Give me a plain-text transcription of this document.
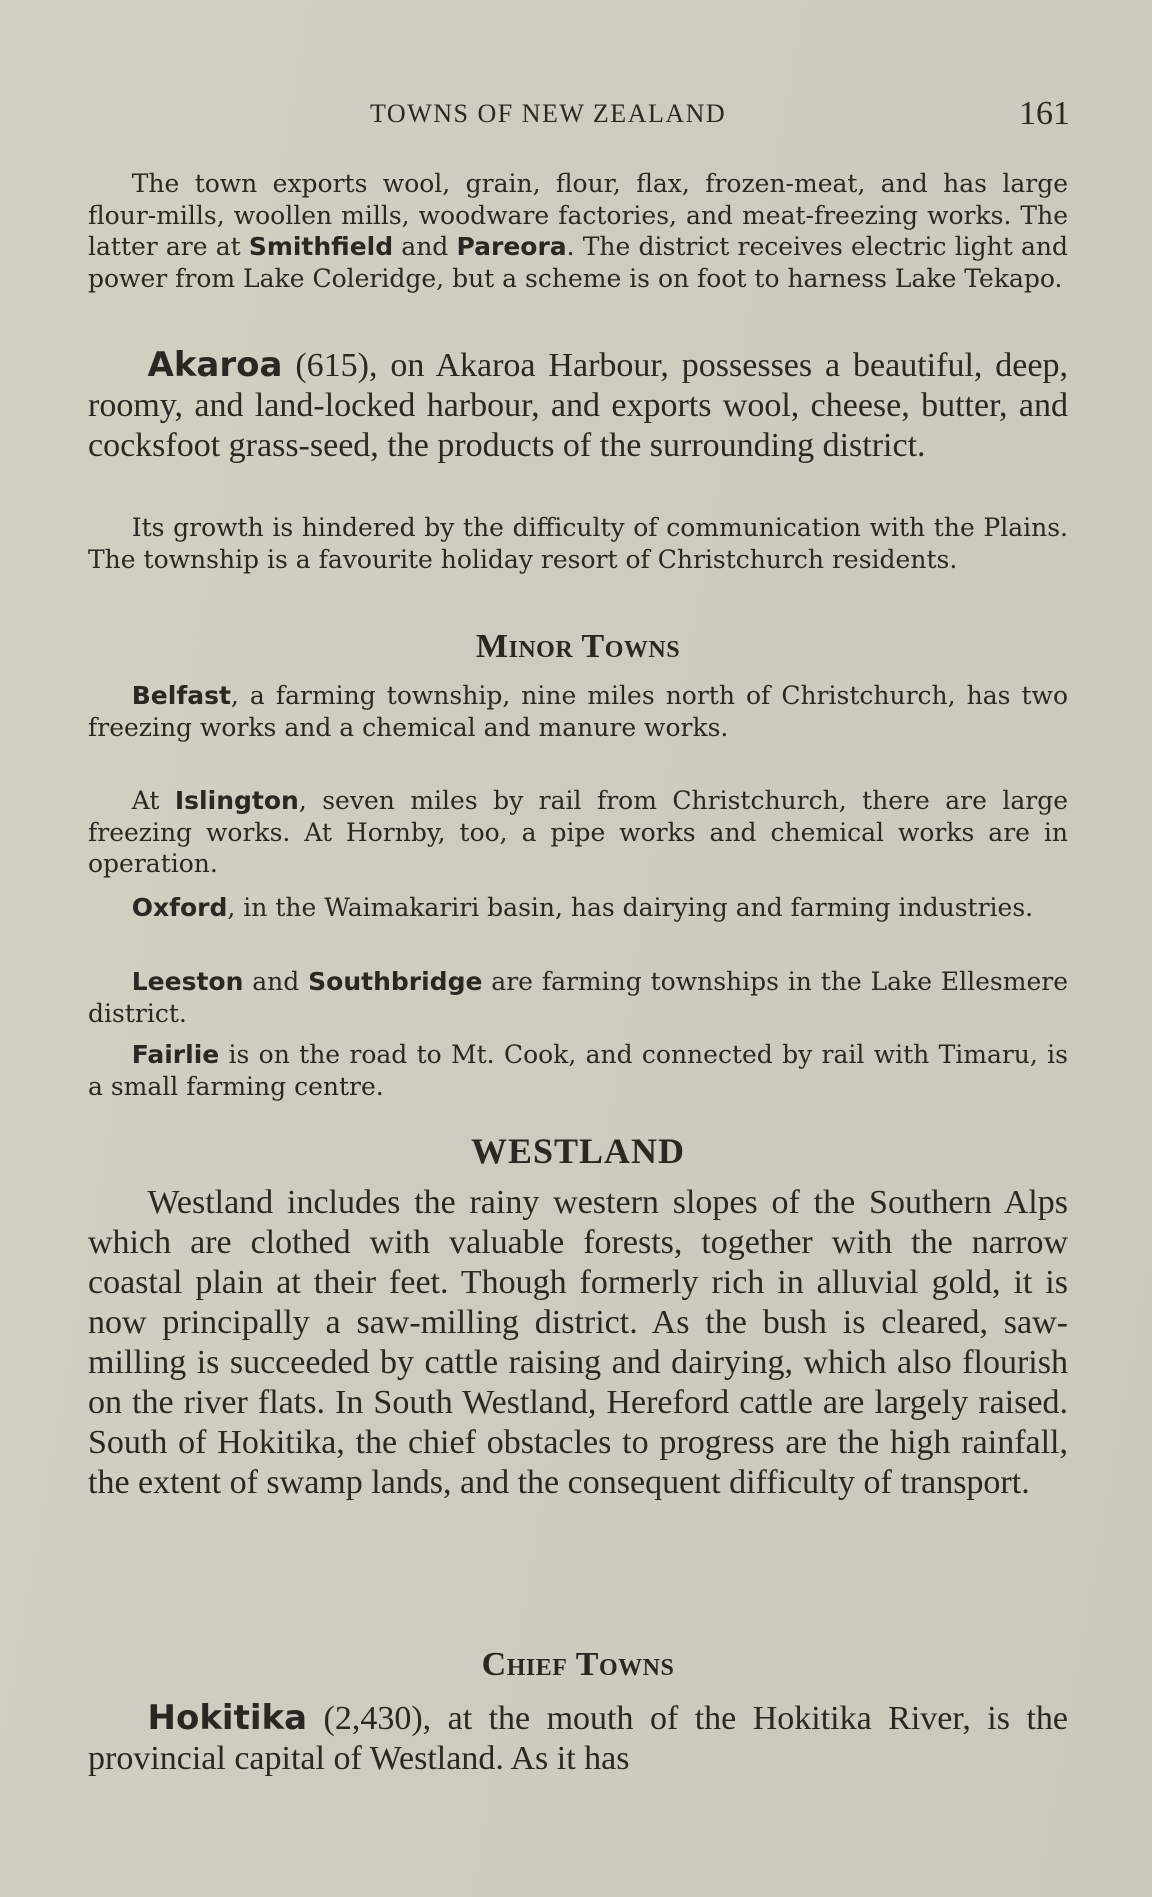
TOWNS OF NEW ZEALAND	161

The town exports wool, grain, flour, flax, frozen-meat, and has large flour-mills, woollen mills, woodware factories, and meat-freezing works. The latter are at Smithfield and Pareora. The district receives electric light and power from Lake Coleridge, but a scheme is on foot to harness Lake Tekapo.

Akaroa (615), on Akaroa Harbour, possesses a beautiful, deep, roomy, and land-locked harbour, and exports wool, cheese, butter, and cocksfoot grass-seed, the products of the surrounding district.

Its growth is hindered by the difficulty of communication with the Plains. The township is a favourite holiday resort of Christchurch residents.

Minor Towns

Belfast, a farming township, nine miles north of Christchurch, has two freezing works and a chemical and manure works.

At Islington, seven miles by rail from Christchurch, there are large freezing works. At Hornby, too, a pipe works and chemical works are in operation.

Oxford, in the Waimakariri basin, has dairying and farming industries.

Leeston and Southbridge are farming townships in the Lake Ellesmere district.

Fairlie is on the road to Mt. Cook, and connected by rail with Timaru, is a small farming centre.

WESTLAND

Westland includes the rainy western slopes of the Southern Alps which are clothed with valuable forests, together with the narrow coastal plain at their feet. Though formerly rich in alluvial gold, it is now principally a saw-milling district. As the bush is cleared, saw-milling is succeeded by cattle raising and dairying, which also flourish on the river flats. In South Westland, Hereford cattle are largely raised. South of Hokitika, the chief obstacles to progress are the high rainfall, the extent of swamp lands, and the consequent difficulty of transport.

Chief Towns

Hokitika (2,430), at the mouth of the Hokitika River, is the provincial capital of Westland. As it has
